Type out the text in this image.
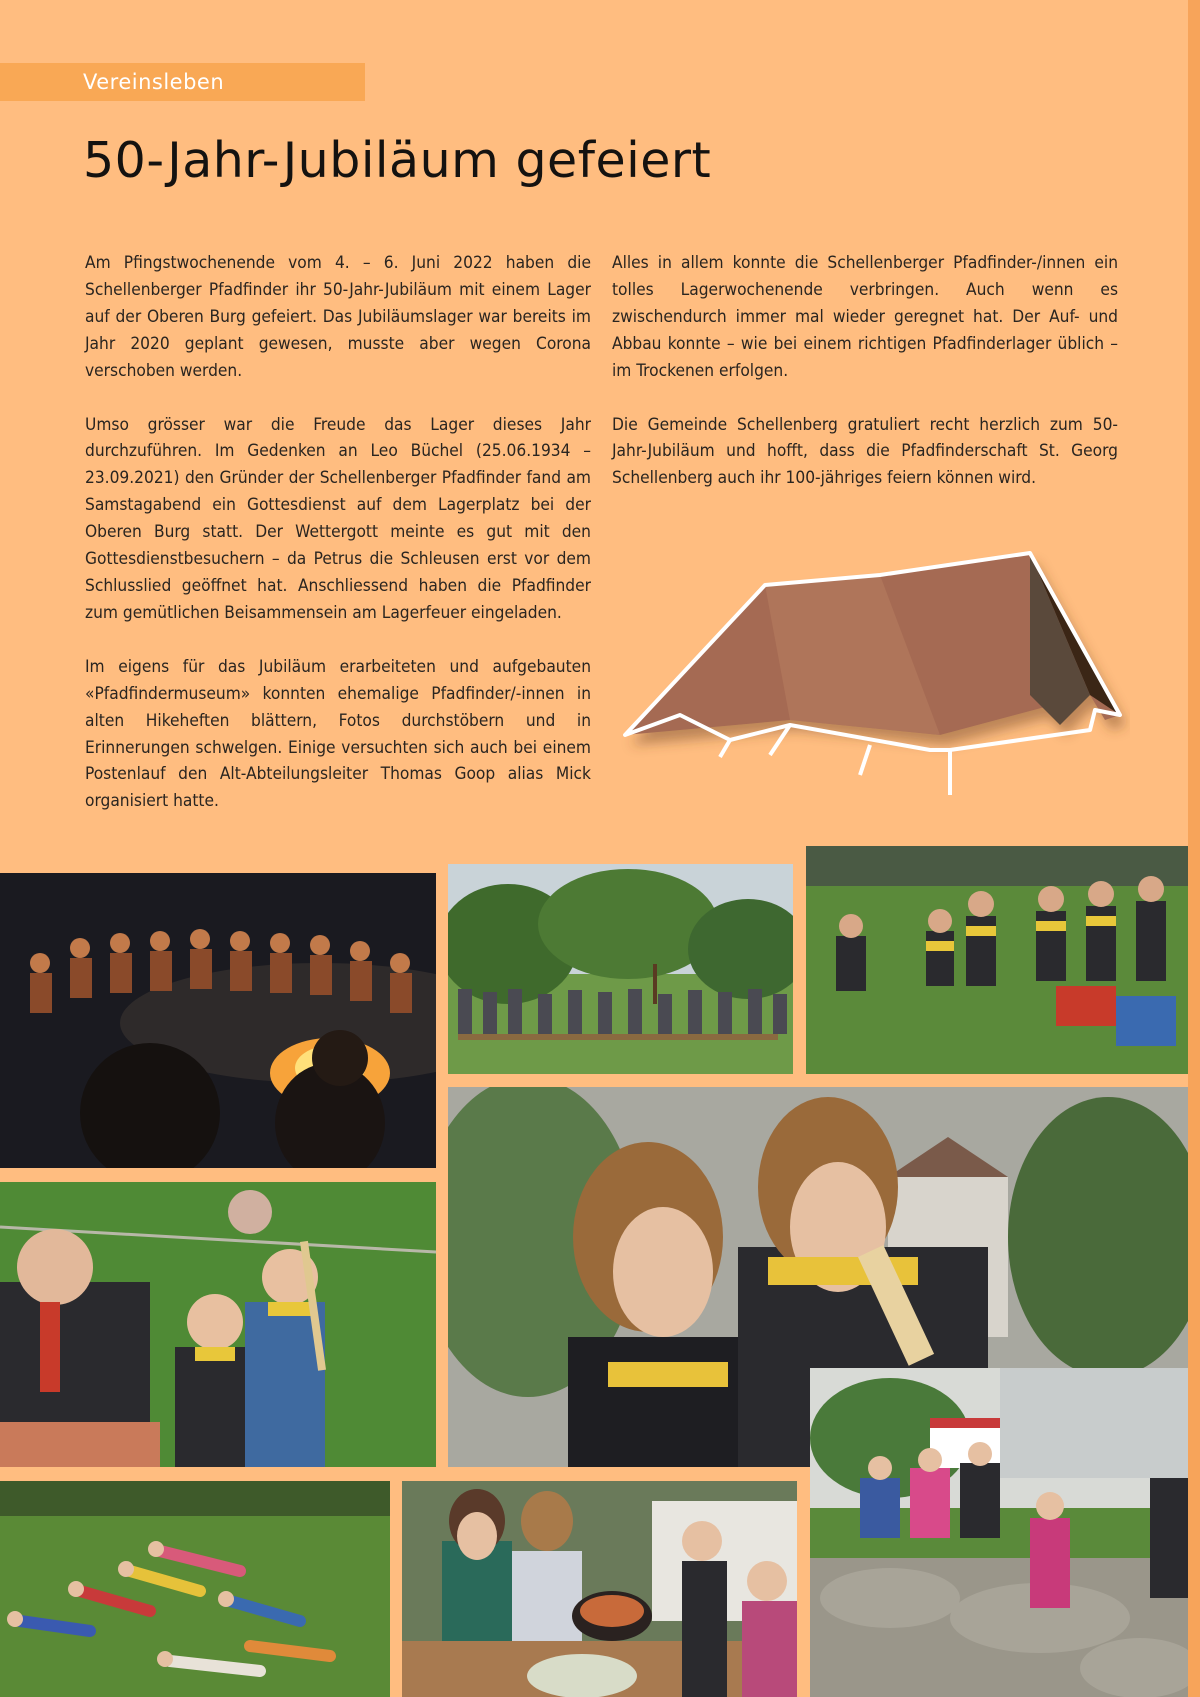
Vereinsleben
50-Jahr-Jubiläum gefeiert

Am Pfingstwochenende vom 4. – 6. Juni 2022 haben die Schellenberger Pfadfinder ihr 50-Jahr-Jubiläum mit einem Lager auf der Oberen Burg gefeiert. Das Jubiläumslager war bereits im Jahr 2020 geplant gewesen, musste aber wegen Corona verschoben werden.

Umso grösser war die Freude das Lager dieses Jahr durchzuführen. Im Gedenken an Leo Büchel (25.06.1934 – 23.09.2021) den Gründer der Schellenberger Pfadfinder fand am Samstagabend ein Gottesdienst auf dem Lagerplatz bei der Oberen Burg statt. Der Wettergott meinte es gut mit den Gottesdienstbesuchern – da Petrus die Schleusen erst vor dem Schlusslied geöffnet hat. Anschliessend haben die Pfadfinder zum gemütlichen Beisammensein am Lagerfeuer eingeladen.

Im eigens für das Jubiläum erarbeiteten und aufgebauten «Pfadfindermuseum» konnten ehemalige Pfadfinder/-innen in alten Hikeheften blättern, Fotos durchstöbern und in Erinnerungen schwelgen. Einige versuchten sich auch bei einem Postenlauf den Alt-Abteilungsleiter Thomas Goop alias Mick organisiert hatte.

Alles in allem konnte die Schellenberger Pfadfinder-/innen ein tolles Lagerwochenende verbringen. Auch wenn es zwischendurch immer mal wieder geregnet hat. Der Auf- und Abbau konnte – wie bei einem richtigen Pfadfinderlager üblich – im Trockenen erfolgen.

Die Gemeinde Schellenberg gratuliert recht herzlich zum 50-Jahr-Jubiläum und hofft, dass die Pfadfinderschaft St. Georg Schellenberg auch ihr 100-jähriges feiern können wird.
